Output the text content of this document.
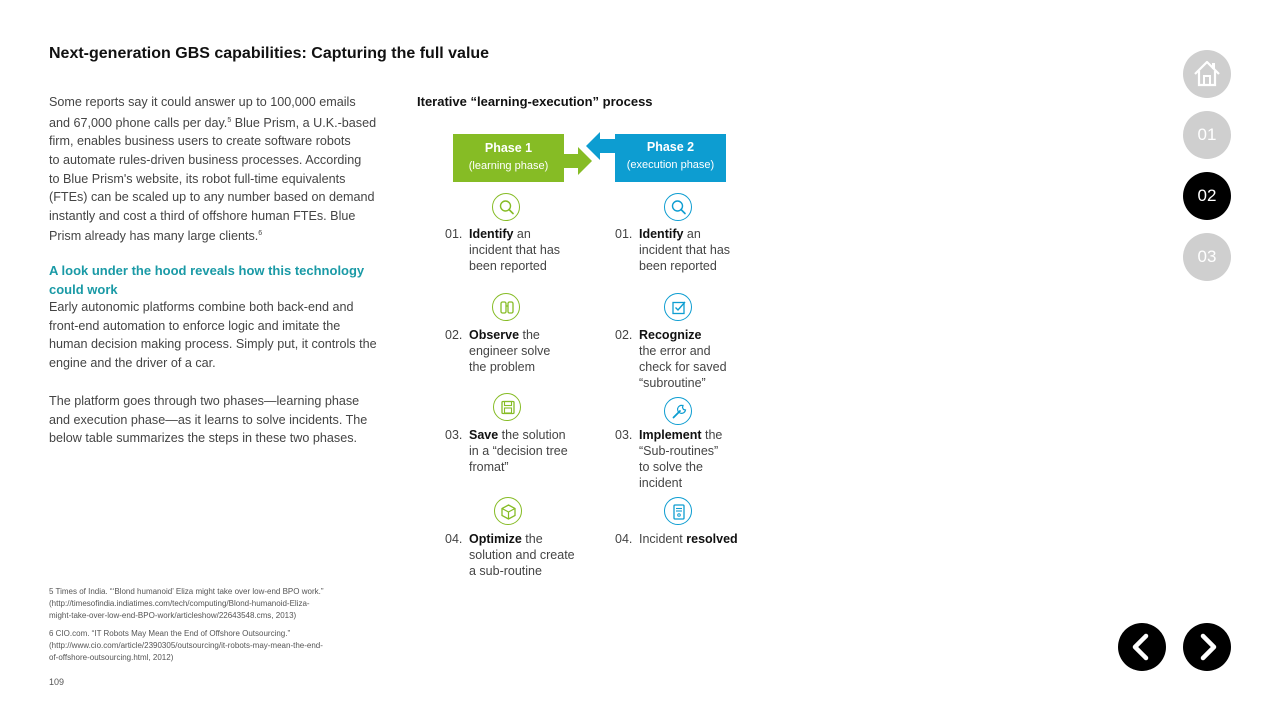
Next-generation GBS capabilities: Capturing the full value

Some reports say it could answer up to 100,000 emails

and 67,000 phone calls per day.$^5$ Blue Prism, a U.K.-based

firm, enables business users to create software robots

to automate rules-driven business processes. According

to Blue Prism's website, its robot full-time equivalents

(FTEs) can be scaled up to any number based on demand

instantly and cost a third of offshore human FTEs. Blue

Prism already has many large clients.$^6$

A look under the hood reveals how this technology
could work

Early autonomic platforms combine both back-end and

front-end automation to enforce logic and imitate the

human decision making process. Simply put, it controls the

engine and the driver of a car.

The platform goes through two phases—learning phase

and execution phase—as it learns to solve incidents. The

below table summarizes the steps in these two phases.

Iterative “learning-execution” process
Phase 1
(learning phase)
Phase 2
(execution phase)
01. Identify an
incident that has
been reported
02. Observe the
engineer solve
the problem
03. Save the solution
in a “decision tree
fromat”
04. Optimize the
solution and create
a sub-routine
01. Identify an
incident that has
been reported
02. Recognize
the error and
check for saved
“subroutine”
03. Implement the
“Sub-routines”
to solve the
incident
04. Incident resolved
5 Times of India. “‘Blond humanoid’ Eliza might take over low-end BPO work.”
(http://timesofindia.indiatimes.com/tech/computing/Blond-humanoid-Eliza-
might-take-over-low-end-BPO-work/articleshow/22643548.cms, 2013)
6 CIO.com. “IT Robots May Mean the End of Offshore Outsourcing.”
(http://www.cio.com/article/2390305/outsourcing/it-robots-may-mean-the-end-
of-offshore-outsourcing.html, 2012)
109
01
02
03
